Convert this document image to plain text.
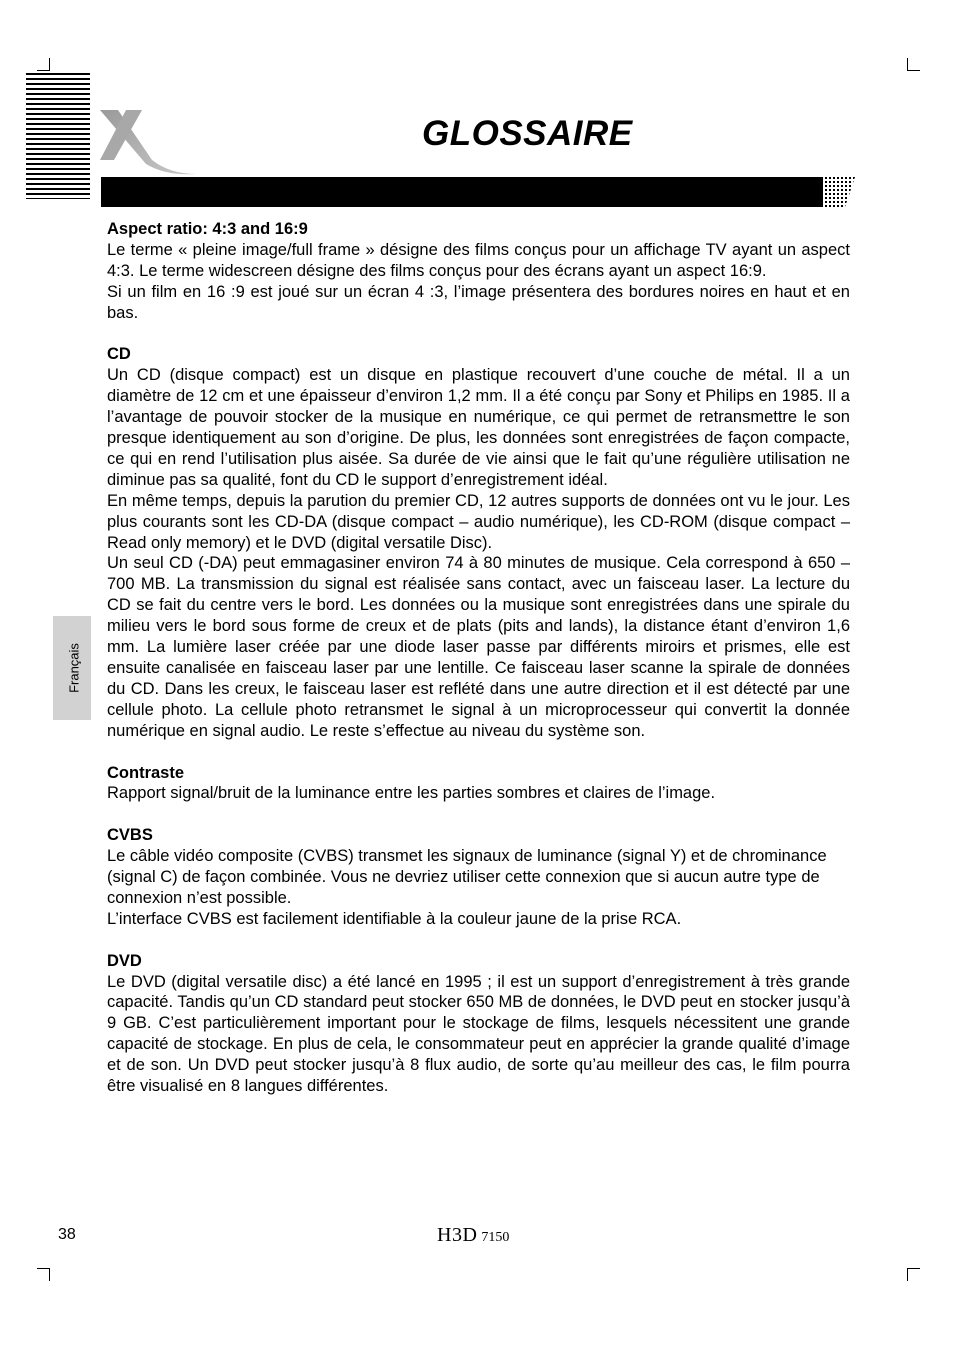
GLOSSAIRE
Français
Aspect ratio: 4:3 and 16:9

Le terme « pleine image/full frame » désigne des films conçus pour un affichage TV ayant un aspect 4:3. Le terme widescreen désigne des films conçus pour des écrans ayant un aspect 16:9.

Si un film en 16 :9 est joué sur un écran 4 :3, l’image présentera des bordures noires en haut et en bas.

CD

Un CD (disque compact) est un disque en plastique recouvert d’une couche de métal. Il a un diamètre de 12 cm et une épaisseur d’environ 1,2 mm. Il a été conçu par Sony et Philips en 1985. Il a l’avantage de pouvoir stocker de la musique en numérique, ce qui permet de retransmettre le son presque identiquement au son d’origine. De plus, les données sont enregistrées de façon compacte, ce qui en rend l’utilisation plus aisée. Sa durée de vie ainsi que le fait qu’une régulière utilisation ne diminue pas sa qualité, font du CD le support d’enregistrement idéal.

En même temps, depuis la parution du premier CD, 12 autres supports de données ont vu le jour. Les plus courants sont les CD-DA (disque compact – audio numérique), les CD-ROM (disque compact – Read only memory) et le DVD (digital versatile Disc).

Un seul CD (-DA) peut emmagasiner environ 74 à 80 minutes de musique. Cela correspond à 650 – 700 MB. La transmission du signal est réalisée sans contact, avec un faisceau laser. La lecture du CD se fait du centre vers le bord. Les données ou la musique sont enregistrées dans une spirale du milieu vers le bord sous forme de creux et de plats (pits and lands), la distance étant d’environ 1,6 mm. La lumière laser créée par une diode laser passe par différents miroirs et prismes, elle est ensuite canalisée en faisceau laser par une lentille. Ce faisceau laser scanne la spirale de données du CD. Dans les creux, le faisceau laser est reflété dans une autre direction et il est détecté par une cellule photo. La cellule photo retransmet le signal à un microprocesseur qui convertit la donnée numérique en signal audio. Le reste s’effectue au niveau du système son.

Contraste

Rapport signal/bruit de la luminance entre les parties sombres et claires de l’image.

CVBS

Le câble vidéo composite (CVBS) transmet les signaux de luminance (signal Y) et de chrominance (signal C) de façon combinée. Vous ne devriez utiliser cette connexion que si aucun autre type de connexion n’est possible.

L’interface CVBS est facilement identifiable à la couleur jaune de la prise RCA.

DVD

Le DVD (digital versatile disc) a été lancé en 1995 ; il est un support d’enregistrement à très grande capacité. Tandis qu’un CD standard peut stocker 650 MB de données, le DVD peut en stocker jusqu’à 9 GB. C’est particulièrement important pour le stockage de films, lesquels nécessitent une grande capacité de stockage. En plus de cela, le consommateur peut en apprécier la grande qualité d’image et de son. Un DVD peut stocker jusqu’à 8 flux audio, de sorte qu’au meilleur des cas, le film pourra être visualisé en 8 langues différentes.

38	H3D 7150
